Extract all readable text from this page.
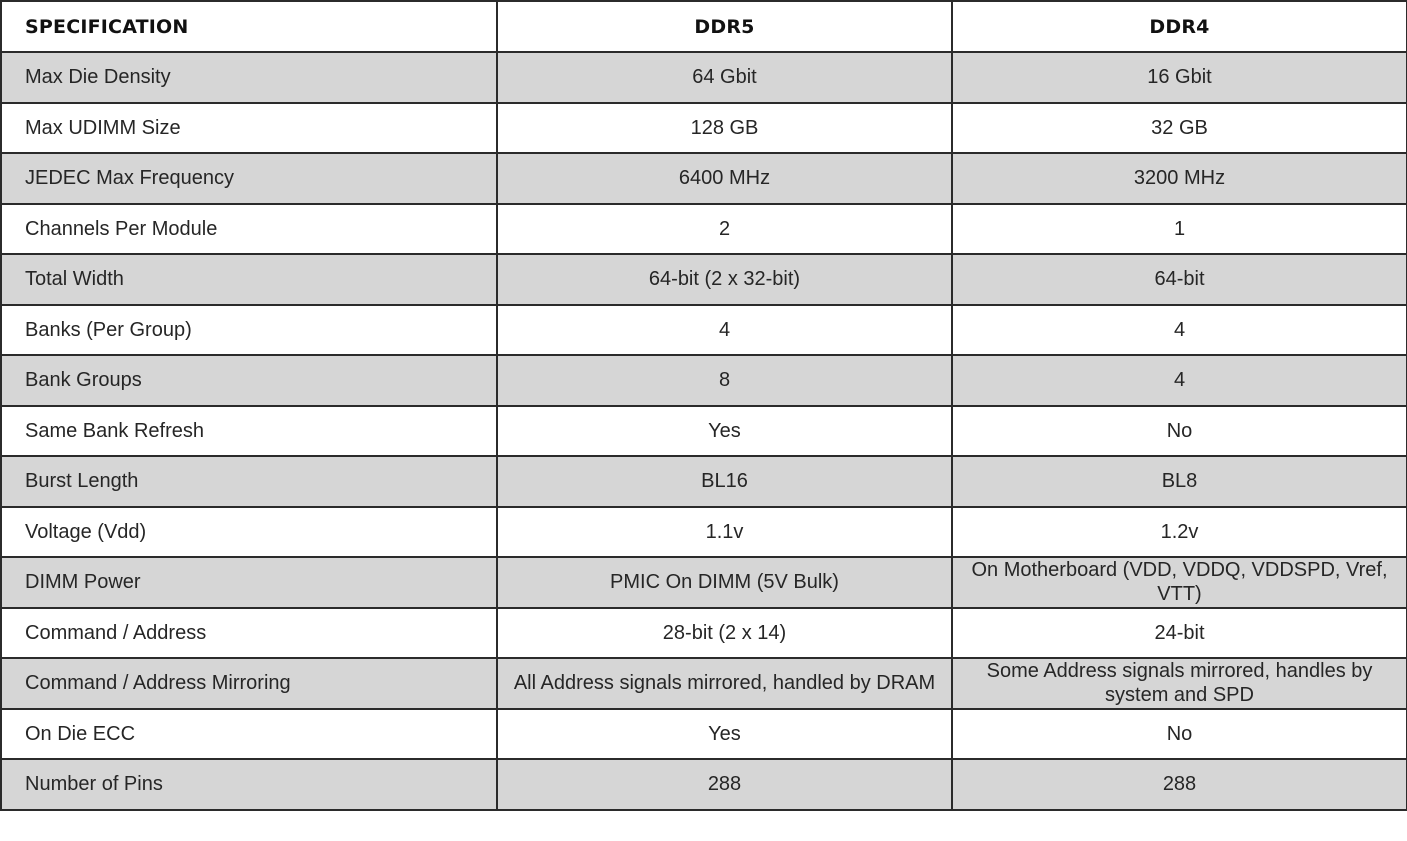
SPECIFICATION	DDR5	DDR4
Max Die Density	64 Gbit	16 Gbit
Max UDIMM Size	128 GB	32 GB
JEDEC Max Frequency	6400 MHz	3200 MHz
Channels Per Module	2	1
Total Width	64-bit (2 x 32-bit)	64-bit
Banks (Per Group)	4	4
Bank Groups	8	4
Same Bank Refresh	Yes	No
Burst Length	BL16	BL8
Voltage (Vdd)	1.1v	1.2v
DIMM Power	PMIC On DIMM (5V Bulk)	On Motherboard (VDD, VDDQ, VDDSPD, Vref, VTT)
Command / Address	28-bit (2 x 14)	24-bit
Command / Address Mirroring	All Address signals mirrored, handled by DRAM	Some Address signals mirrored, handles by system and SPD
On Die ECC	Yes	No
Number of Pins	288	288
